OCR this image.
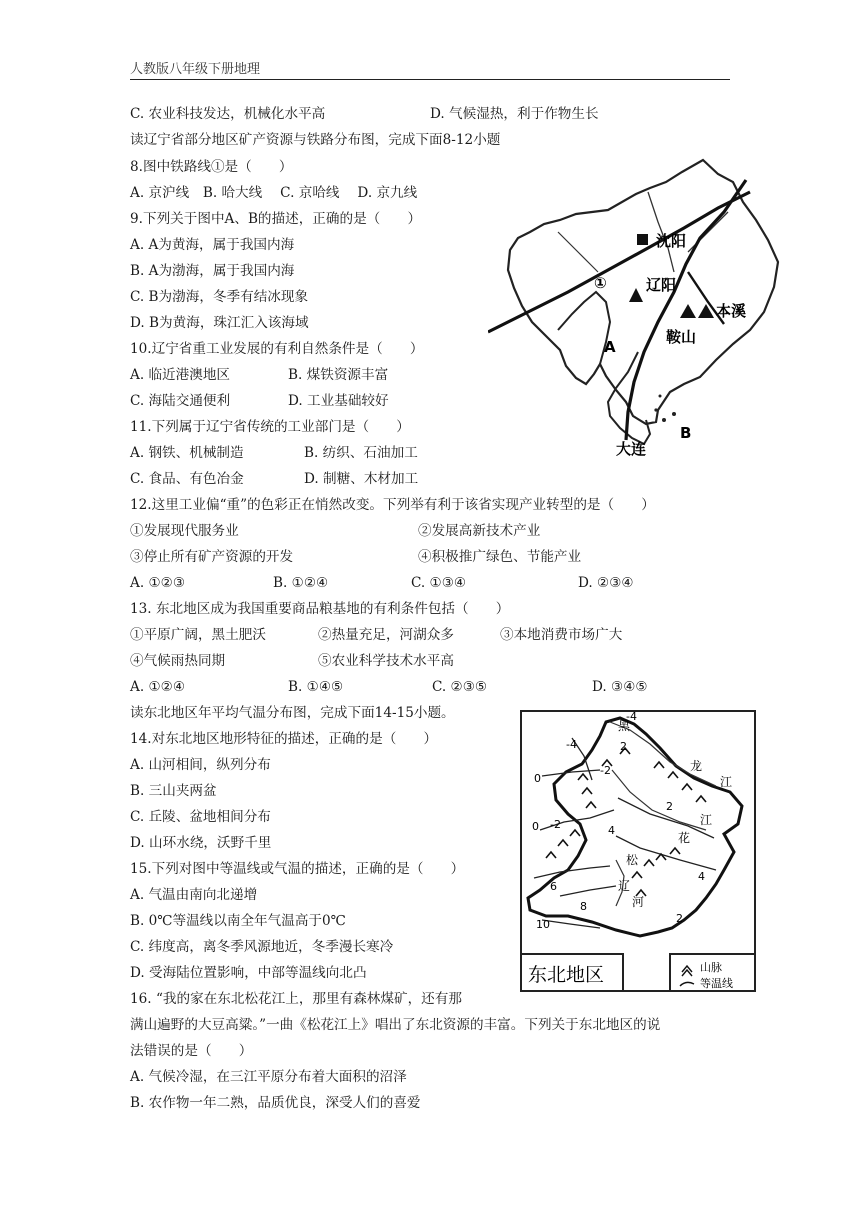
人教版八年级下册地理
C. 农业科技发达，机械化水平高	D. 气候湿热，利于作物生长
读辽宁省部分地区矿产资源与铁路分布图，完成下面8-12小题
8.图中铁路线①是（　　）
A. 京沪线　B. 哈大线　 C. 京哈线　 D. 京九线
9.下列关于图中A、B的描述，正确的是（　　）
A. A为黄海，属于我国内海
B. A为渤海，属于我国内海
C. B为渤海，冬季有结冰现象
D. B为黄海，珠江汇入该海域
10.辽宁省重工业发展的有利自然条件是（　　）
A. 临近港澳地区	B. 煤铁资源丰富
C. 海陆交通便利	D. 工业基础较好
11.下列属于辽宁省传统的工业部门是（　　）
A. 钢铁、机械制造	B. 纺织、石油加工
C. 食品、有色冶金	D. 制糖、木材加工
12.这里工业偏“重”的色彩正在悄然改变。下列举有利于该省实现产业转型的是（　　）
①发展现代服务业	②发展高新技术产业
③停止所有矿产资源的开发	④积极推广绿色、节能产业
A. ①②③	B. ①②④	C. ①③④	D. ②③④
13. 东北地区成为我国重要商品粮基地的有利条件包括（　　）
①平原广阔，黑土肥沃	②热量充足，河湖众多	③本地消费市场广大
④气候雨热同期	⑤农业科学技术水平高
A. ①②④	B. ①④⑤	C. ②③⑤	D. ③④⑤
读东北地区年平均气温分布图，完成下面14-15小题。
14.对东北地区地形特征的描述，正确的是（　　）
A. 山河相间，纵列分布
B. 三山夹两盆
C. 丘陵、盆地相间分布
D. 山环水绕，沃野千里
15.下列对图中等温线或气温的描述，正确的是（　　）
A. 气温由南向北递增
B. 0℃等温线以南全年气温高于0℃
C. 纬度高，离冬季风源地近，冬季漫长寒冷
D. 受海陆位置影响，中部等温线向北凸
16. “我的家在东北松花江上，那里有森林煤矿，还有那
满山遍野的大豆高粱。”一曲《松花江上》唱出了东北资源的丰富。下列关于东北地区的说
法错误的是（　　）
A. 气候冷湿，在三江平原分布着大面积的沼泽
B. 农作物一年二熟，品质优良，深受人们的喜爱
沈阳
辽阳
鞍山
本溪
大连
A
B
①
黑
龙
江
江
花
松
辽
河
-4
-4
-2
2
0
0 -2	4
2
6
8
10
4
2
东北地区	山脉
等温线
